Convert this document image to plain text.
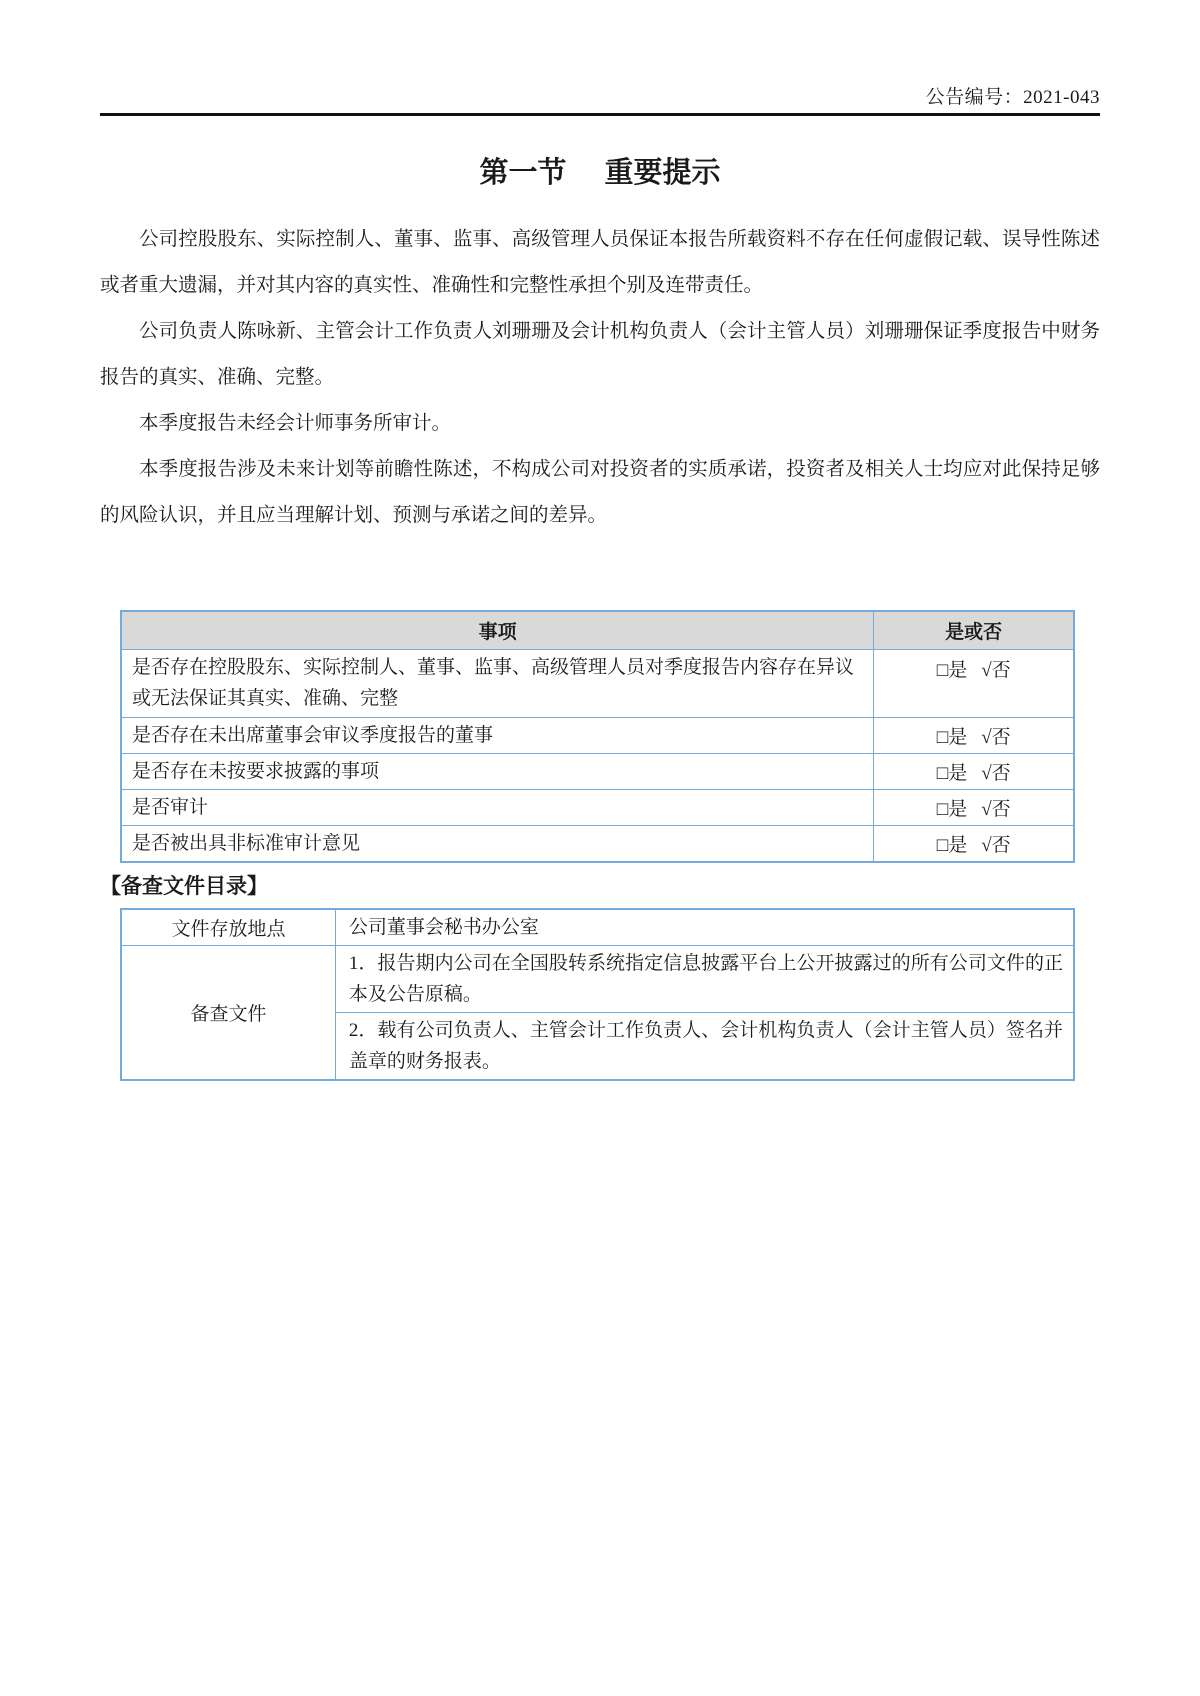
公告编号：2021-043
第一节 重要提示

公司控股股东、实际控制人、董事、监事、高级管理人员保证本报告所载资料不存在任何虚假记载、误导性陈述或者重大遗漏，并对其内容的真实性、准确性和完整性承担个别及连带责任。

公司负责人陈咏新、主管会计工作负责人刘珊珊及会计机构负责人（会计主管人员）刘珊珊保证季度报告中财务报告的真实、准确、完整。

本季度报告未经会计师事务所审计。

本季度报告涉及未来计划等前瞻性陈述，不构成公司对投资者的实质承诺，投资者及相关人士均应对此保持足够的风险认识，并且应当理解计划、预测与承诺之间的差异。

事项	是或否
是否存在控股股东、实际控制人、董事、监事、高级管理人员对季度报告内容存在异议或无法保证其真实、准确、完整	□是 √否
是否存在未出席董事会审议季度报告的董事	□是 √否
是否存在未按要求披露的事项	□是 √否
是否审计	□是 √否
是否被出具非标准审计意见	□是 √否
【备查文件目录】
文件存放地点	公司董事会秘书办公室
备查文件	1．报告期内公司在全国股转系统指定信息披露平台上公开披露过的所有公司文件的正本及公告原稿。
	2．载有公司负责人、主管会计工作负责人、会计机构负责人（会计主管人员）签名并盖章的财务报表。
